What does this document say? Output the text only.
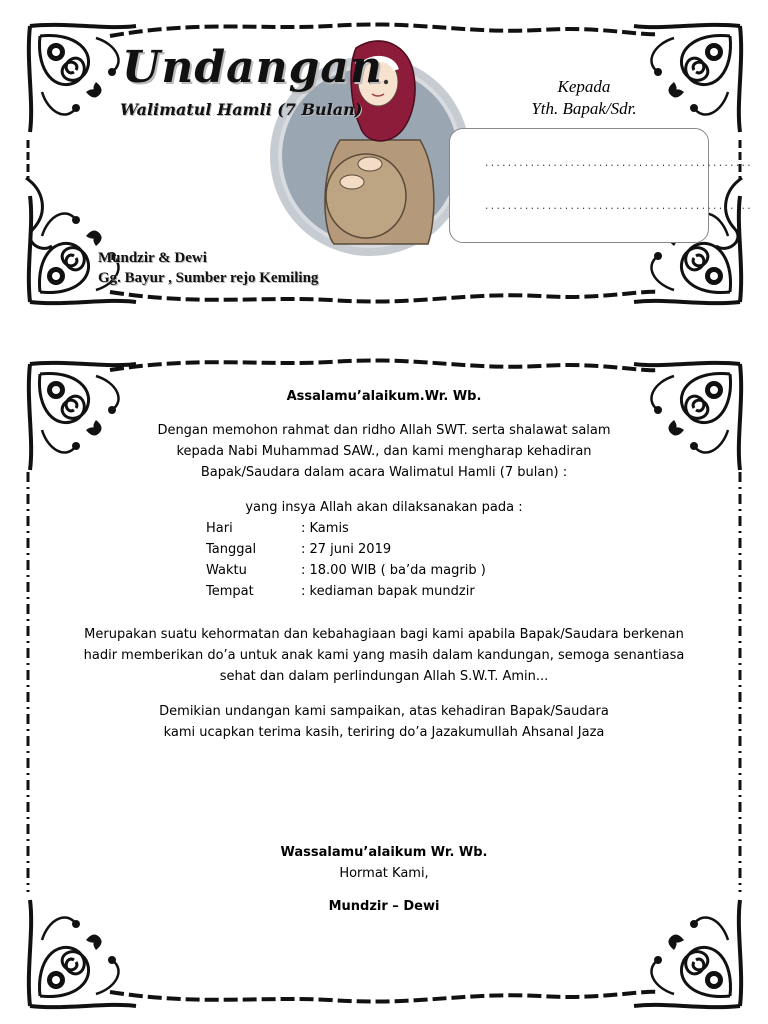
Undangan
Walimatul Hamli (7 Bulan)
Mundzir & Dewi
Gg. Bayur , Sumber rejo Kemiling
Kepada
Yth. Bapak/Sdr.
...............................................
...............................................
Assalamu’alaikum.Wr. Wb.
Dengan memohon rahmat dan ridho Allah SWT. serta shalawat salam
kepada Nabi Muhammad SAW., dan kami mengharap kehadiran
Bapak/Saudara dalam acara Walimatul Hamli (7 bulan) :
yang insya Allah akan dilaksanakan pada :
Hari	: Kamis
Tanggal	: 27 juni 2019
Waktu	: 18.00 WIB ( ba’da magrib )
Tempat	: kediaman bapak mundzir
Merupakan suatu kehormatan dan kebahagiaan bagi kami apabila Bapak/Saudara berkenan
hadir memberikan do’a untuk anak kami yang masih dalam kandungan, semoga senantiasa
sehat dan dalam perlindungan Allah S.W.T. Amin...
Demikian undangan kami sampaikan, atas kehadiran Bapak/Saudara
kami ucapkan terima kasih, teriring do’a Jazakumullah Ahsanal Jaza
Wassalamu’alaikum Wr. Wb.
Hormat Kami,
Mundzir – Dewi
